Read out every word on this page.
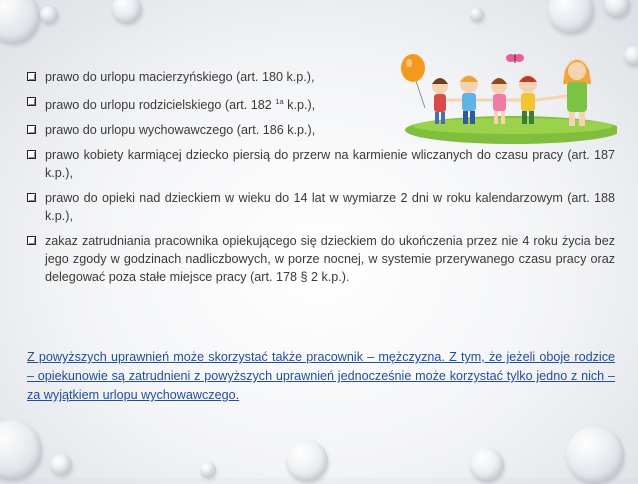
prawo do urlopu macierzyńskiego (art. 180 k.p.),
prawo do urlopu rodzicielskiego (art. 182 $^{1a}$ k.p.),
prawo do urlopu wychowawczego (art. 186 k.p.),
prawo kobiety karmiącej dziecko piersią do przerw na karmienie wliczanych do czasu pracy (art. 187 k.p.),
prawo do opieki nad dzieckiem w wieku do 14 lat w wymiarze 2 dni w roku kalendarzowym (art. 188 k.p.),
zakaz zatrudniania pracownika opiekującego się dzieckiem do ukończenia przez nie 4 roku życia bez jego zgody w godzinach nadliczbowych, w porze nocnej, w systemie przerywanego czasu pracy oraz delegować poza stałe miejsce pracy (art. 178 § 2 k.p.).

Z powyższych uprawnień może skorzystać także pracownik – mężczyzna. Z tym, że jeżeli oboje rodzice – opiekunowie są zatrudnieni z powyższych uprawnień jednocześnie może korzystać tylko jedno z nich – za wyjątkiem urlopu wychowawczego.
